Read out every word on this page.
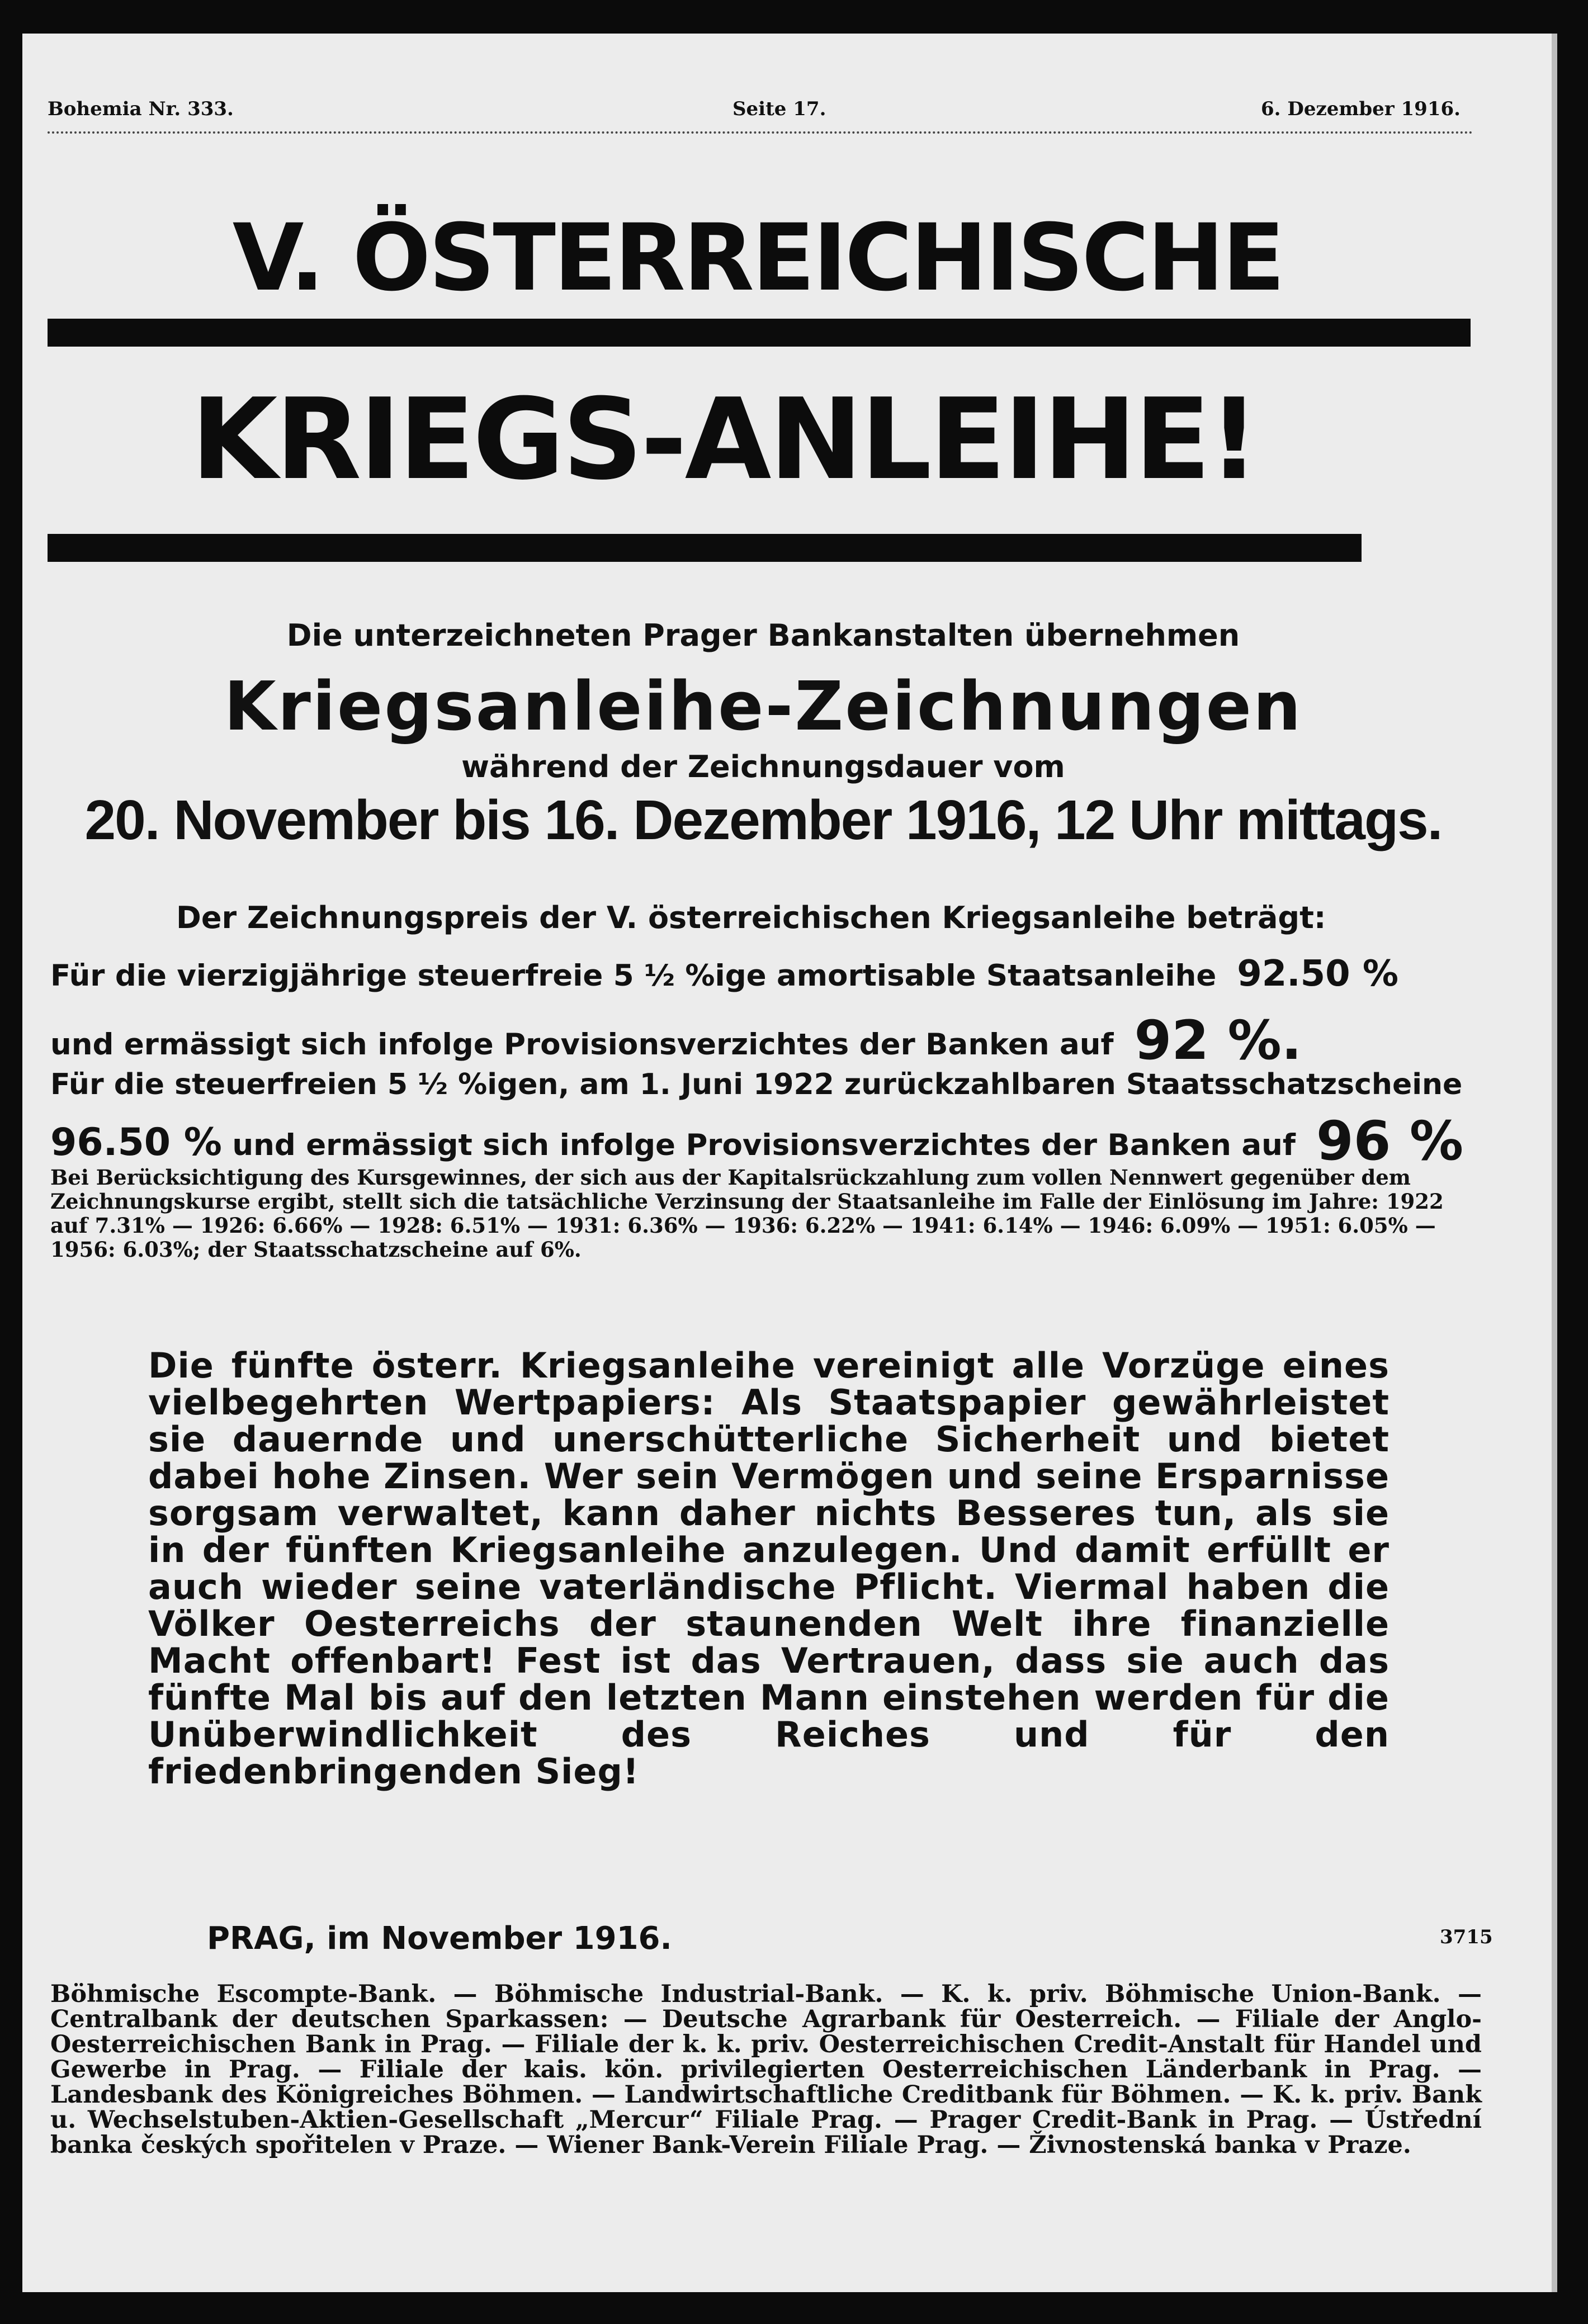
Bohemia Nr. 333.	Seite 17.	6. Dezember 1916.
V. ÖSTERREICHISCHE
KRIEGS-ANLEIHE!
Die unterzeichneten Prager Bankanstalten übernehmen
Kriegsanleihe-Zeichnungen
während der Zeichnungsdauer vom
20. November bis 16. Dezember 1916, 12 Uhr mittags.
Der Zeichnungspreis der V. österreichischen Kriegsanleihe beträgt:
Für die vierzigjährige steuerfreie 5 ½ %ige amortisable Staatsanleihe 92.50 %
und ermässigt sich infolge Provisionsverzichtes der Banken auf 92 %.
Für die steuerfreien 5 ½ %igen, am 1. Juni 1922 zurückzahlbaren Staatsschatzscheine
96.50 % und ermässigt sich infolge Provisionsverzichtes der Banken auf 96 %
Bei Berücksichtigung des Kursgewinnes, der sich aus der Kapitalsrückzahlung zum vollen Nennwert gegenüber dem Zeichnungskurse ergibt, stellt sich die tatsächliche Verzinsung der Staatsanleihe im Falle der Einlösung im Jahre: 1922 auf 7.31% — 1926: 6.66% — 1928: 6.51% — 1931: 6.36% — 1936: 6.22% — 1941: 6.14% — 1946: 6.09% — 1951: 6.05% — 1956: 6.03%; der Staatsschatzscheine auf 6%.
Die fünfte österr. Kriegsanleihe vereinigt alle Vorzüge eines vielbegehrten Wertpapiers: Als Staatspapier gewährleistet sie dauernde und unerschütterliche Sicherheit und bietet dabei hohe Zinsen. Wer sein Vermögen und seine Ersparnisse sorgsam verwaltet, kann daher nichts Besseres tun, als sie in der fünften Kriegsanleihe anzulegen. Und damit erfüllt er auch wieder seine vaterländische Pflicht. Viermal haben die Völker Oesterreichs der staunenden Welt ihre finanzielle Macht offenbart! Fest ist das Vertrauen, dass sie auch das fünfte Mal bis auf den letzten Mann einstehen werden für die Unüberwindlichkeit des Reiches und für den friedenbringenden Sieg!
PRAG, im November 1916.	3715
Böhmische Escompte-Bank. — Böhmische Industrial-Bank. — K. k. priv. Böhmische Union-Bank. — Centralbank der deutschen Sparkassen: — Deutsche Agrarbank für Oesterreich. — Filiale der Anglo-Oesterreichischen Bank in Prag. — Filiale der k. k. priv. Oesterreichischen Credit-Anstalt für Handel und Gewerbe in Prag. — Filiale der kais. kön. privilegierten Oesterreichischen Länderbank in Prag. — Landesbank des Königreiches Böhmen. — Landwirtschaftliche Creditbank für Böhmen. — K. k. priv. Bank u. Wechselstuben-Aktien-Gesellschaft „Mercur“ Filiale Prag. — Prager Credit-Bank in Prag. — Ústřední banka českých spořitelen v Praze. — Wiener Bank-Verein Filiale Prag. — Živnostenská banka v Praze.
